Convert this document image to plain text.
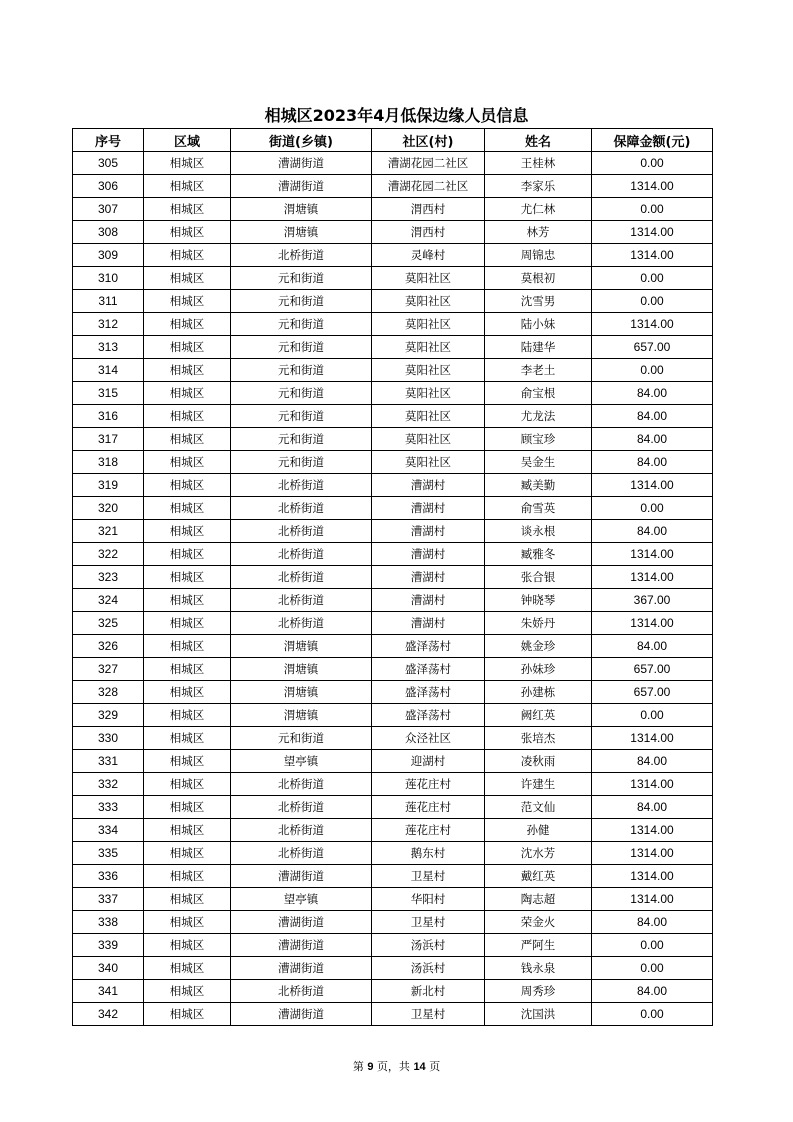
相城区2023年4月低保边缘人员信息
序号	区域	街道(乡镇)	社区(村)	姓名	保障金额(元)
305	相城区	漕湖街道	漕湖花园二社区	王桂林	0.00
306	相城区	漕湖街道	漕湖花园二社区	李家乐	1314.00
307	相城区	渭塘镇	渭西村	尤仁林	0.00
308	相城区	渭塘镇	渭西村	林芳	1314.00
309	相城区	北桥街道	灵峰村	周锦忠	1314.00
310	相城区	元和街道	莫阳社区	莫根初	0.00
311	相城区	元和街道	莫阳社区	沈雪男	0.00
312	相城区	元和街道	莫阳社区	陆小妹	1314.00
313	相城区	元和街道	莫阳社区	陆建华	657.00
314	相城区	元和街道	莫阳社区	李老土	0.00
315	相城区	元和街道	莫阳社区	俞宝根	84.00
316	相城区	元和街道	莫阳社区	尤龙法	84.00
317	相城区	元和街道	莫阳社区	顾宝珍	84.00
318	相城区	元和街道	莫阳社区	吴金生	84.00
319	相城区	北桥街道	漕湖村	臧美勤	1314.00
320	相城区	北桥街道	漕湖村	俞雪英	0.00
321	相城区	北桥街道	漕湖村	谈永根	84.00
322	相城区	北桥街道	漕湖村	臧雅冬	1314.00
323	相城区	北桥街道	漕湖村	张合银	1314.00
324	相城区	北桥街道	漕湖村	钟晓琴	367.00
325	相城区	北桥街道	漕湖村	朱娇丹	1314.00
326	相城区	渭塘镇	盛泽荡村	姚金珍	84.00
327	相城区	渭塘镇	盛泽荡村	孙妹珍	657.00
328	相城区	渭塘镇	盛泽荡村	孙建栋	657.00
329	相城区	渭塘镇	盛泽荡村	阙红英	0.00
330	相城区	元和街道	众泾社区	张培杰	1314.00
331	相城区	望亭镇	迎湖村	凌秋雨	84.00
332	相城区	北桥街道	莲花庄村	许建生	1314.00
333	相城区	北桥街道	莲花庄村	范文仙	84.00
334	相城区	北桥街道	莲花庄村	孙健	1314.00
335	相城区	北桥街道	鹅东村	沈水芳	1314.00
336	相城区	漕湖街道	卫星村	戴红英	1314.00
337	相城区	望亭镇	华阳村	陶志超	1314.00
338	相城区	漕湖街道	卫星村	荣金火	84.00
339	相城区	漕湖街道	汤浜村	严阿生	0.00
340	相城区	漕湖街道	汤浜村	钱永泉	0.00
341	相城区	北桥街道	新北村	周秀珍	84.00
342	相城区	漕湖街道	卫星村	沈国洪	0.00
第 9 页，共 14 页
